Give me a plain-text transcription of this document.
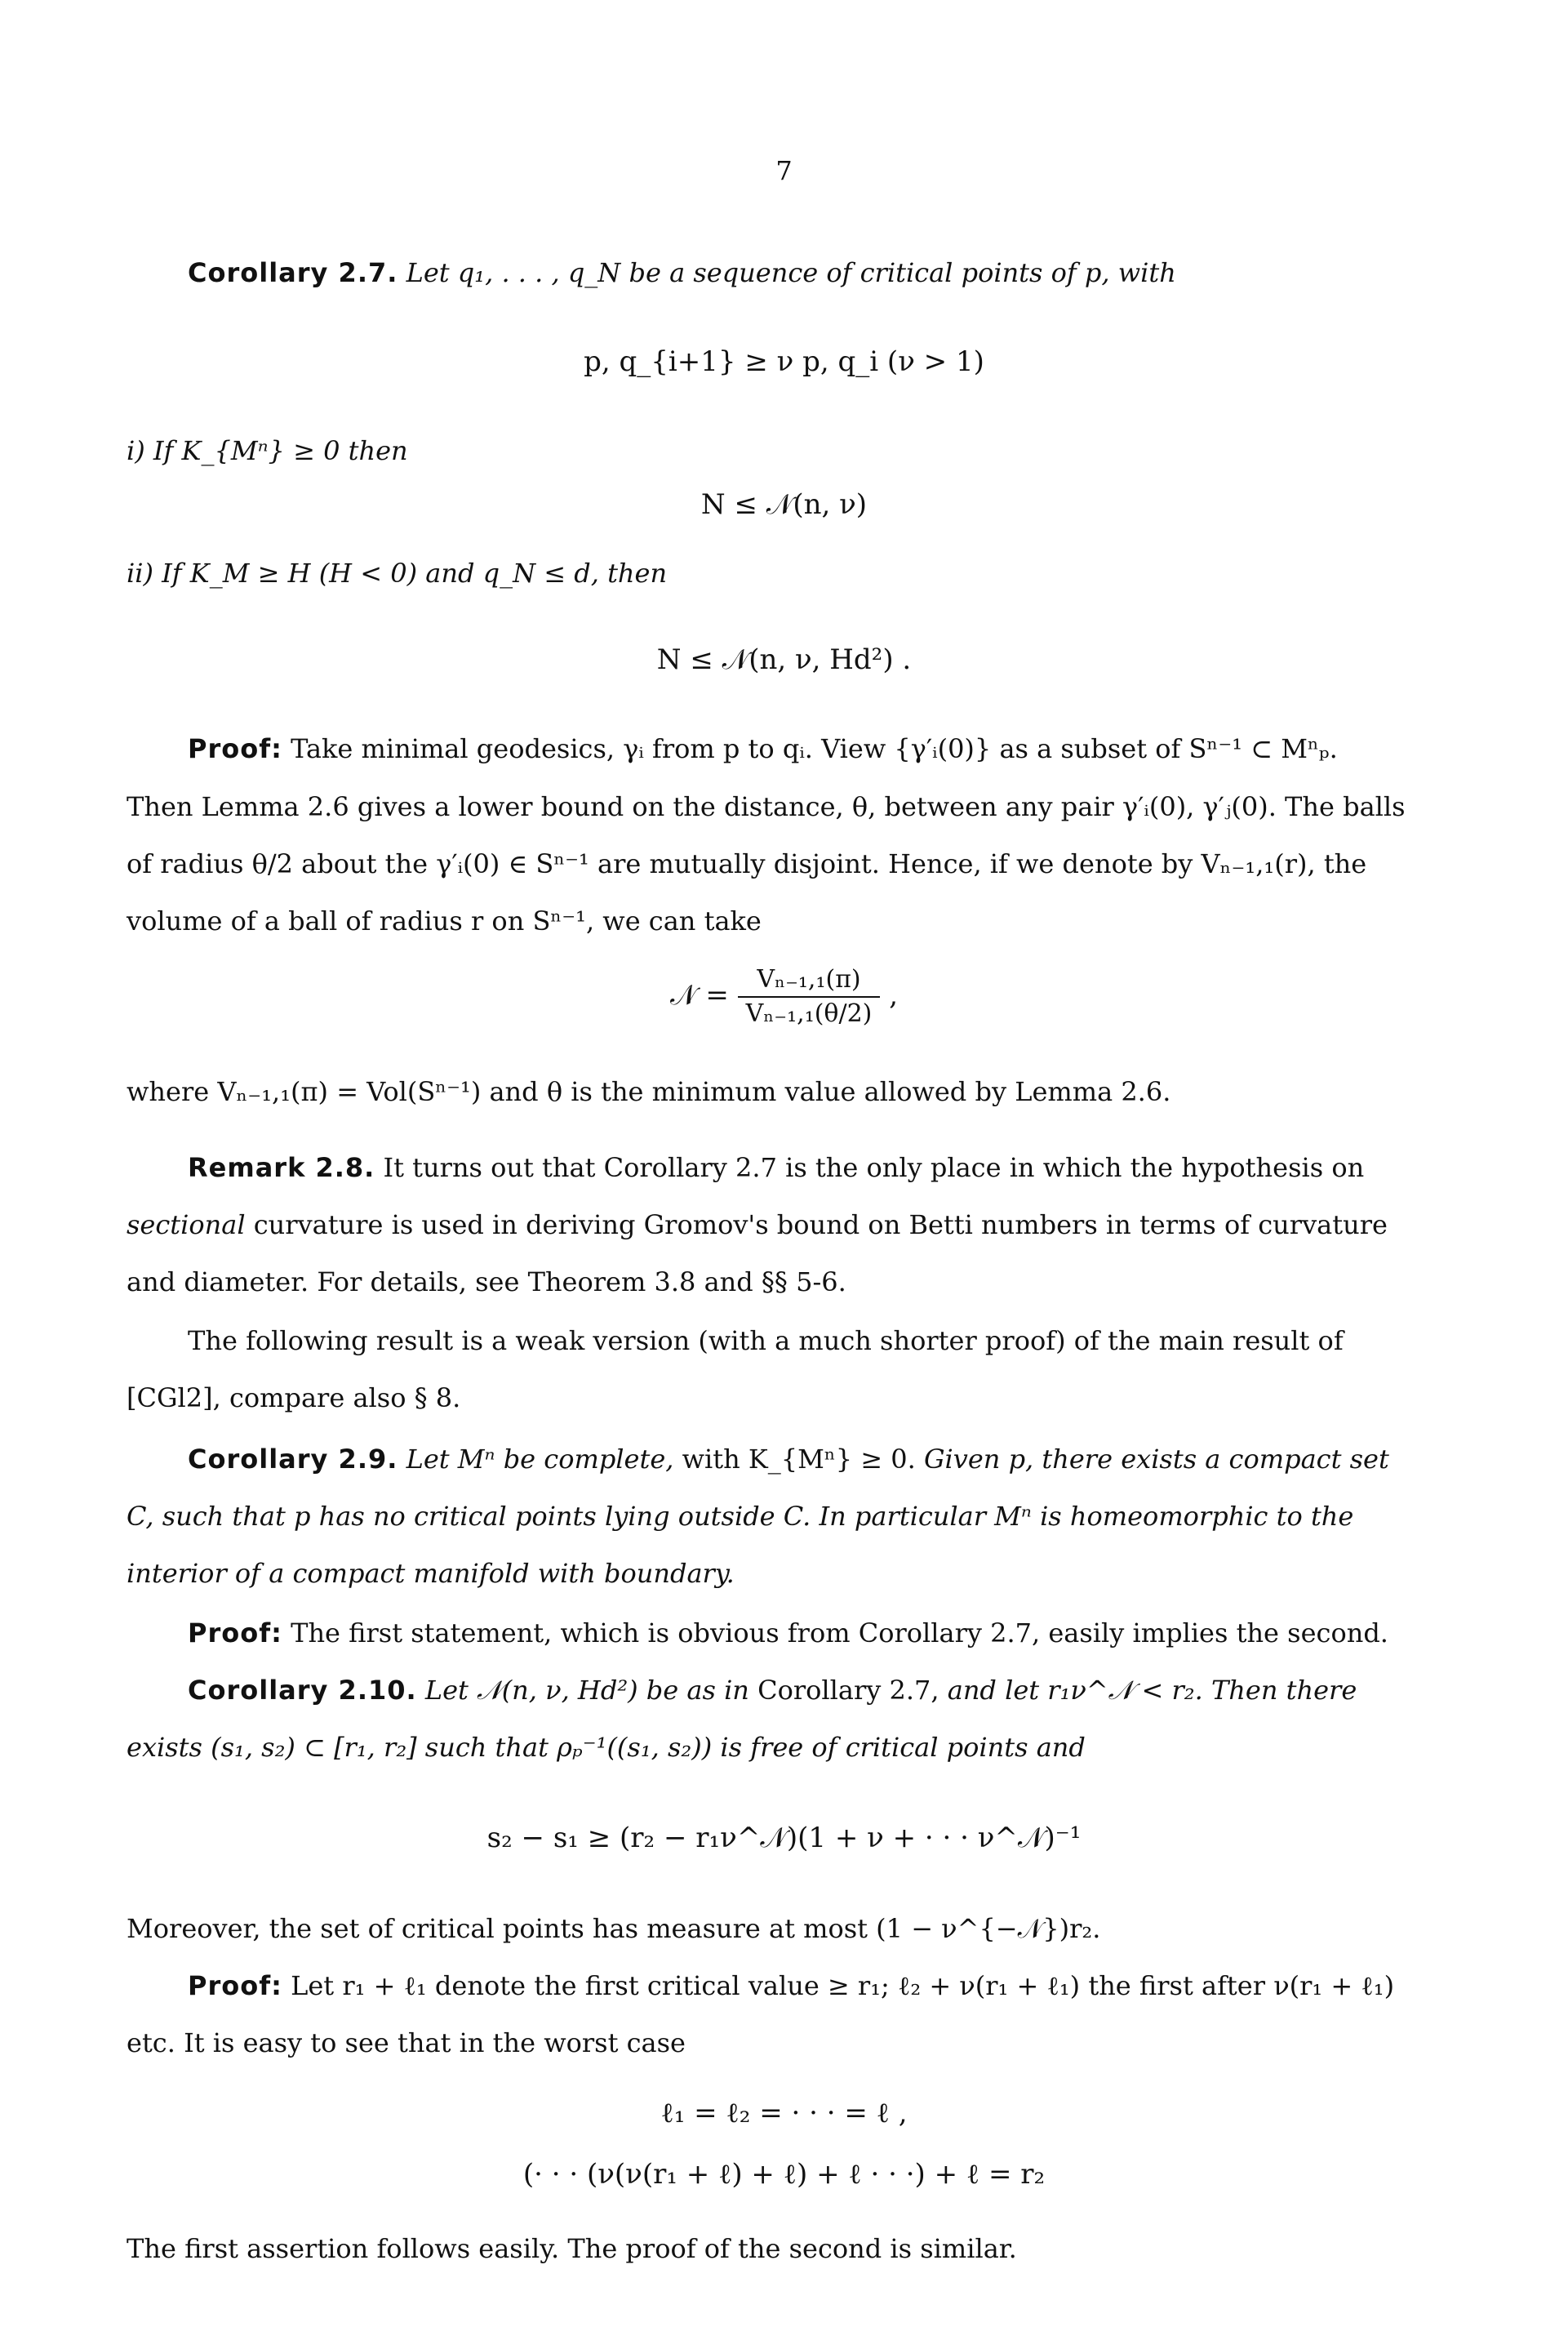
7
Corollary 2.7. Let q₁, . . . , q_N be a sequence of critical points of p, with
p, q_{i+1} ≥ ν p, q_i (ν > 1)
i) If K_{Mⁿ} ≥ 0 then
N ≤ 𝒩(n, ν)
ii) If K_M ≥ H (H < 0) and q_N ≤ d, then
N ≤ 𝒩(n, ν, Hd²) .
Proof: Take minimal geodesics, γᵢ from p to qᵢ. View {γ′ᵢ(0)} as a subset of Sⁿ⁻¹ ⊂ Mⁿₚ.
Then Lemma 2.6 gives a lower bound on the distance, θ, between any pair γ′ᵢ(0), γ′ⱼ(0). The balls
of radius θ/2 about the γ′ᵢ(0) ∈ Sⁿ⁻¹ are mutually disjoint. Hence, if we denote by Vₙ₋₁,₁(r), the
volume of a ball of radius r on Sⁿ⁻¹, we can take
𝒩 = $\frac{\text{Vₙ₋₁,₁(π)}}{\text{Vₙ₋₁,₁(θ/2)}}$ ,
where Vₙ₋₁,₁(π) = Vol(Sⁿ⁻¹) and θ is the minimum value allowed by Lemma 2.6.
Remark 2.8. It turns out that Corollary 2.7 is the only place in which the hypothesis on
sectional curvature is used in deriving Gromov's bound on Betti numbers in terms of curvature
and diameter. For details, see Theorem 3.8 and §§ 5-6.
The following result is a weak version (with a much shorter proof) of the main result of
[CGl2], compare also § 8.
Corollary 2.9. Let Mⁿ be complete, with K_{Mⁿ} ≥ 0. Given p, there exists a compact set
C, such that p has no critical points lying outside C. In particular Mⁿ is homeomorphic to the
interior of a compact manifold with boundary.
Proof: The first statement, which is obvious from Corollary 2.7, easily implies the second.
Corollary 2.10. Let 𝒩(n, ν, Hd²) be as in Corollary 2.7, and let r₁ν^𝒩 < r₂. Then there
exists (s₁, s₂) ⊂ [r₁, r₂] such that ρₚ⁻¹((s₁, s₂)) is free of critical points and
s₂ − s₁ ≥ (r₂ − r₁ν^𝒩)(1 + ν + · · · ν^𝒩)⁻¹
Moreover, the set of critical points has measure at most (1 − ν^{−𝒩})r₂.
Proof: Let r₁ + ℓ₁ denote the first critical value ≥ r₁; ℓ₂ + ν(r₁ + ℓ₁) the first after ν(r₁ + ℓ₁)
etc. It is easy to see that in the worst case
ℓ₁ = ℓ₂ = · · · = ℓ ,
(· · · (ν(ν(r₁ + ℓ) + ℓ) + ℓ · · ·) + ℓ = r₂
The first assertion follows easily. The proof of the second is similar.
